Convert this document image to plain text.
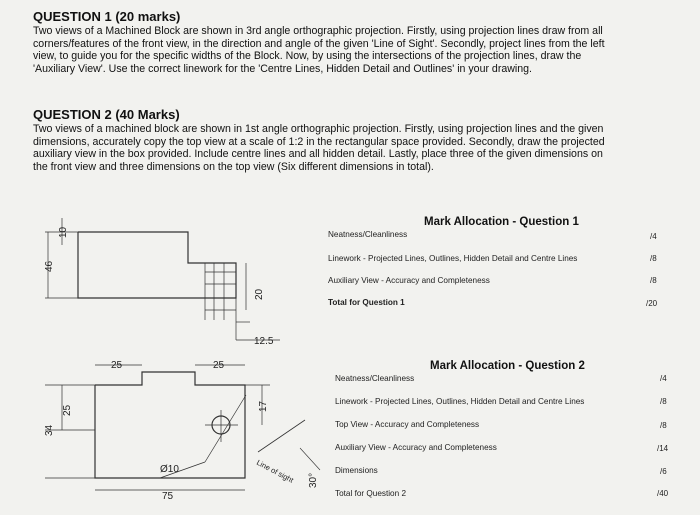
QUESTION 1 (20 marks)

Two views of a Machined Block are shown in 3rd angle orthographic projection. Firstly, using projection lines draw from all
corners/features of the front view, in the direction and angle of the given 'Line of Sight'. Secondly, project lines from the left
view, to guide you for the specific widths of the Block. Now, by using the intersections of the projection lines, draw the
'Auxiliary View'. Use the correct linework for the 'Centre Lines, Hidden Detail and Outlines' in your drawing.

QUESTION 2 (40 Marks)

Two views of a machined block are shown in 1st angle orthographic projection. Firstly, using projection lines and the given
dimensions, accurately copy the top view at a scale of 1:2 in the rectangular space provided. Secondly, draw the projected
auxiliary view in the box provided. Include centre lines and all hidden detail. Lastly, place three of the given dimensions on
the front view and three dimensions on the top view (Six different dimensions in total).

10
46
20
12.5
25	25
34
25	17
Ø10
75
30°
Line of sight
Mark Allocation - Question 1
Neatness/Cleanliness	/4
Linework - Projected Lines, Outlines, Hidden Detail and Centre Lines	/8
Auxiliary View - Accuracy and Completeness	/8
Total for Question 1	/20
Mark Allocation - Question 2
Neatness/Cleanliness	/4
Linework - Projected Lines, Outlines, Hidden Detail and Centre Lines	/8
Top View - Accuracy and Completeness	/8
Auxiliary View - Accuracy and Completeness	/14
Dimensions	/6
Total for Question 2	/40
